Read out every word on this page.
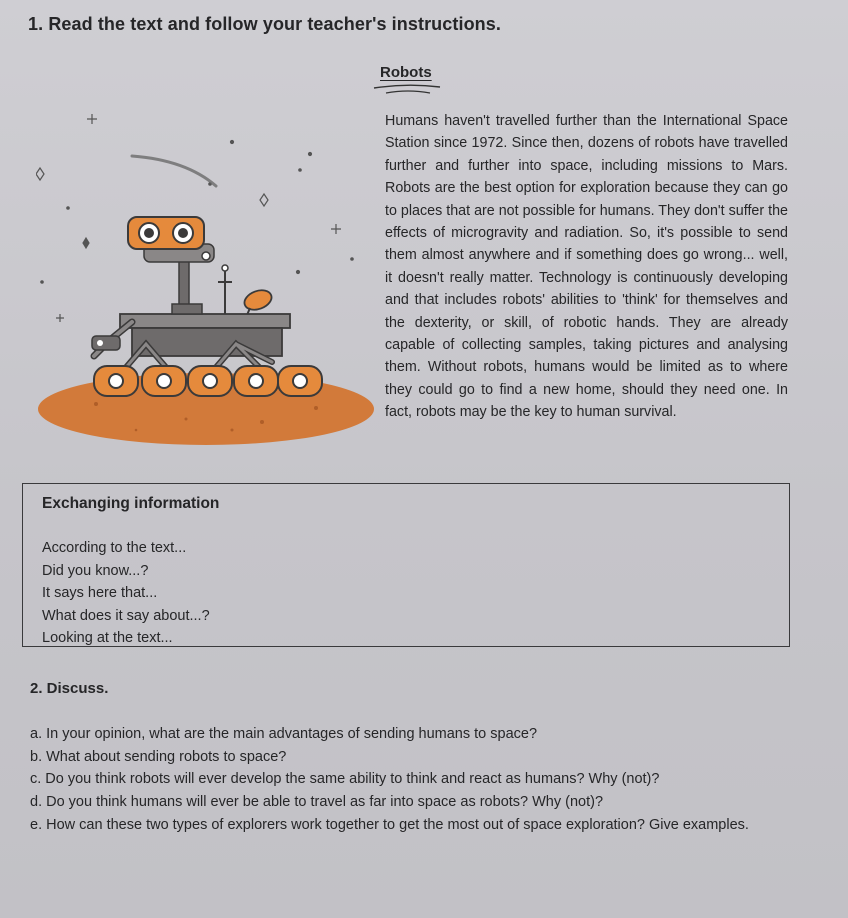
1. Read the text and follow your teacher's instructions.
Robots

Humans haven't travelled further than the International Space Station since 1972. Since then, dozens of robots have travelled further and further into space, including missions to Mars. Robots are the best option for exploration because they can go to places that are not possible for humans. They don't suffer the effects of microgravity and radiation. So, it's possible to send them almost anywhere and if something does go wrong... well, it doesn't really matter. Technology is continuously developing and that includes robots' abilities to 'think' for themselves and the dexterity, or skill, of robotic hands. They are already capable of collecting samples, taking pictures and analysing them. Without robots, humans would be limited as to where they could go to find a new home, should they need one. In fact, robots may be the key to human survival.

Exchanging information

According to the text...
Did you know...?
It says here that...
What does it say about...?
Looking at the text...

2. Discuss.

a. In your opinion, what are the main advantages of sending humans to space?
b. What about sending robots to space?
c. Do you think robots will ever develop the same ability to think and react as humans? Why (not)?
d. Do you think humans will ever be able to travel as far into space as robots? Why (not)?
e. How can these two types of explorers work together to get the most out of space exploration? Give examples.
